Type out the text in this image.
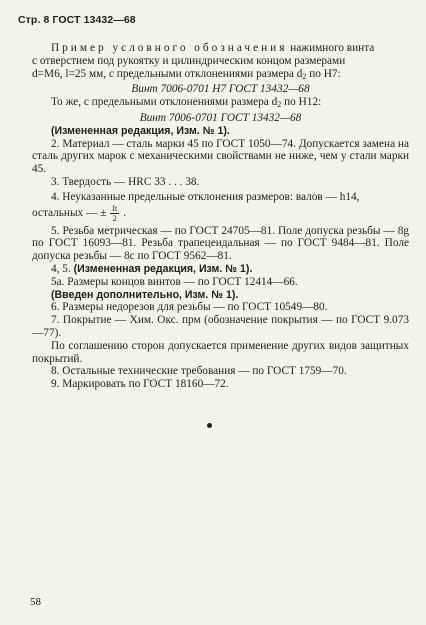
Стр. 8 ГОСТ 13432—68

Пример условного обозначения нажимного винта

с отверстием под рукоятку и цилиндрическим концом размерами

d=M6, l=25 мм, с предельными отклонениями размера $d_2$ по H7:

Винт 7006-0701 H7 ГОСТ 13432—68

То же, с предельными отклонениями размера $d_2$ по H12:

Винт 7006-0701 ГОСТ 13432—68

(Измененная редакция, Изм. № 1).

2. Материал — сталь марки 45 по ГОСТ 1050—74. Допускается замена на сталь других марок с механическими свойствами не ниже, чем у стали марки 45.

3. Твердость — HRC 33 . . . 38.

4. Неуказанные предельные отклонения размеров: валов — h14,

остальных — ± $\frac{It}{2}$ .

5. Резьба метрическая — по ГОСТ 24705—81. Поле допуска резьбы — 8g по ГОСТ 16093—81. Резьба трапецеидальная — по ГОСТ 9484—81. Поле допуска резьбы — 8с по ГОСТ 9562—81.

4, 5. (Измененная редакция, Изм. № 1).

5a. Размеры концов винтов — по ГОСТ 12414—66.

(Введен дополнительно, Изм. № 1).

6. Размеры недорезов для резьбы — по ГОСТ 10549—80.

7. Покрытие — Хим. Окс. прм (обозначение покрытия — по ГОСТ 9.073—77).

По соглашению сторон допускается применение других видов защитных покрытий.

8. Остальные технические требования — по ГОСТ 1759—70.

9. Маркировать по ГОСТ 18160—72.

58
